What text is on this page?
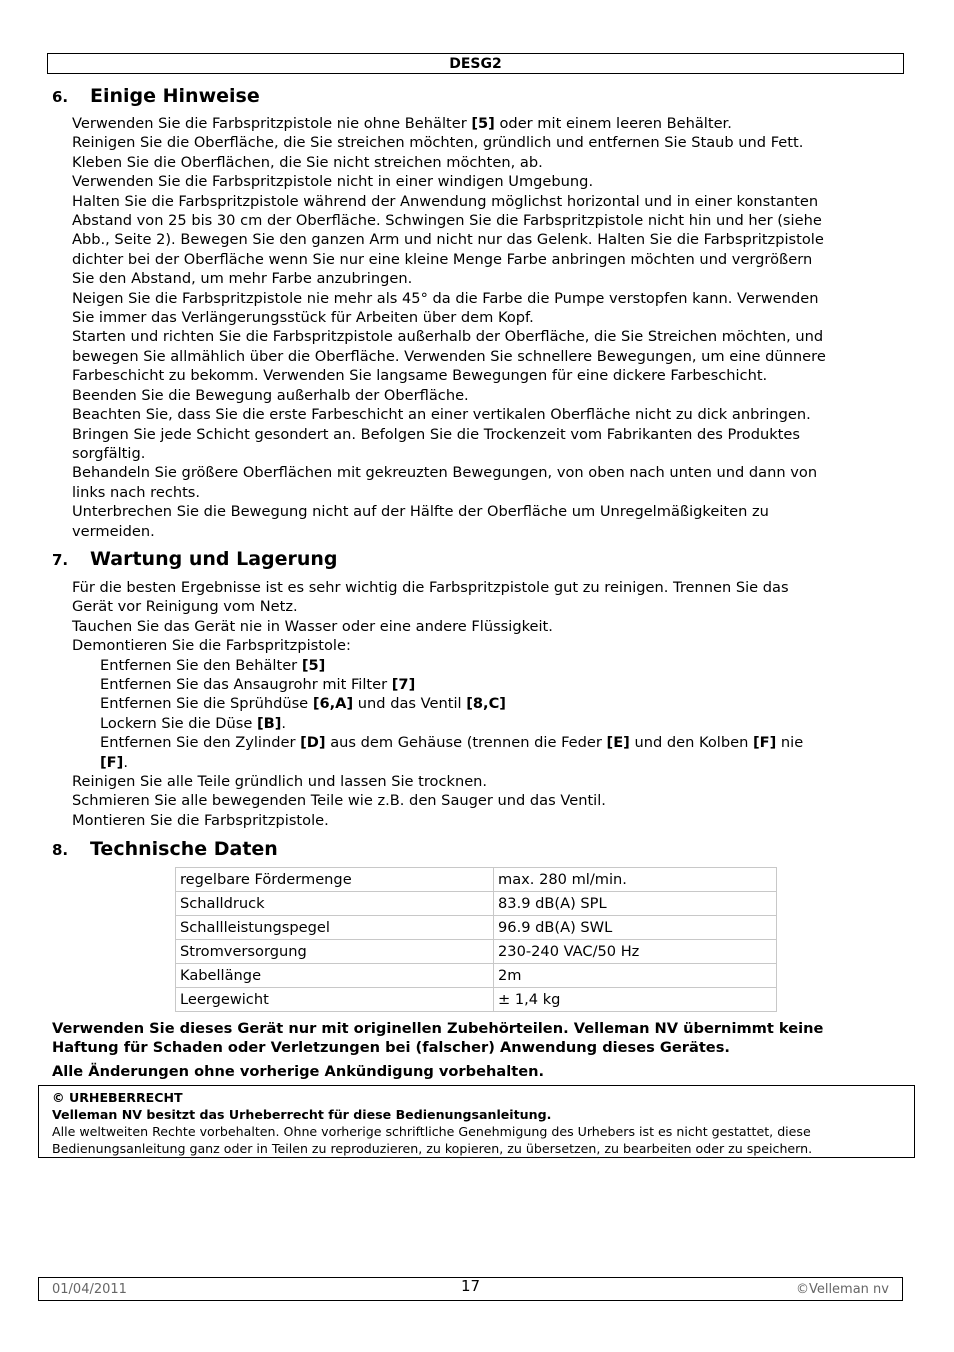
DESG2
6. Einige Hinweise
Verwenden Sie die Farbspritzpistole nie ohne Behälter [5] oder mit einem leeren Behälter.
Reinigen Sie die Oberfläche, die Sie streichen möchten, gründlich und entfernen Sie Staub und Fett.
Kleben Sie die Oberflächen, die Sie nicht streichen möchten, ab.
Verwenden Sie die Farbspritzpistole nicht in einer windigen Umgebung.
Halten Sie die Farbspritzpistole während der Anwendung möglichst horizontal und in einer konstanten
Abstand von 25 bis 30 cm der Oberfläche. Schwingen Sie die Farbspritzpistole nicht hin und her (siehe
Abb., Seite 2). Bewegen Sie den ganzen Arm und nicht nur das Gelenk. Halten Sie die Farbspritzpistole
dichter bei der Oberfläche wenn Sie nur eine kleine Menge Farbe anbringen möchten und vergrößern
Sie den Abstand, um mehr Farbe anzubringen.
Neigen Sie die Farbspritzpistole nie mehr als 45° da die Farbe die Pumpe verstopfen kann. Verwenden
Sie immer das Verlängerungsstück für Arbeiten über dem Kopf.
Starten und richten Sie die Farbspritzpistole außerhalb der Oberfläche, die Sie Streichen möchten, und
bewegen Sie allmählich über die Oberfläche. Verwenden Sie schnellere Bewegungen, um eine dünnere
Farbeschicht zu bekomm. Verwenden Sie langsame Bewegungen für eine dickere Farbeschicht.
Beenden Sie die Bewegung außerhalb der Oberfläche.
Beachten Sie, dass Sie die erste Farbeschicht an einer vertikalen Oberfläche nicht zu dick anbringen.
Bringen Sie jede Schicht gesondert an. Befolgen Sie die Trockenzeit vom Fabrikanten des Produktes
sorgfältig.
Behandeln Sie größere Oberflächen mit gekreuzten Bewegungen, von oben nach unten und dann von
links nach rechts.
Unterbrechen Sie die Bewegung nicht auf der Hälfte der Oberfläche um Unregelmäßigkeiten zu
vermeiden.
7. Wartung und Lagerung
Für die besten Ergebnisse ist es sehr wichtig die Farbspritzpistole gut zu reinigen. Trennen Sie das
Gerät vor Reinigung vom Netz.
Tauchen Sie das Gerät nie in Wasser oder eine andere Flüssigkeit.
Demontieren Sie die Farbspritzpistole:
Entfernen Sie den Behälter [5]
Entfernen Sie das Ansaugrohr mit Filter [7]
Entfernen Sie die Sprühdüse [6,A] und das Ventil [8,C]
Lockern Sie die Düse [B].
Entfernen Sie den Zylinder [D] aus dem Gehäuse (trennen die Feder [E] und den Kolben [F] nie
[F].
Reinigen Sie alle Teile gründlich und lassen Sie trocknen.
Schmieren Sie alle bewegenden Teile wie z.B. den Sauger und das Ventil.
Montieren Sie die Farbspritzpistole.
8. Technische Daten
regelbare Fördermenge	max. 280 ml/min.
Schalldruck	83.9 dB(A) SPL
Schallleistungspegel	96.9 dB(A) SWL
Stromversorgung	230-240 VAC/50 Hz
Kabellänge	2m
Leergewicht	± 1,4 kg
Verwenden Sie dieses Gerät nur mit originellen Zubehörteilen. Velleman NV übernimmt keine
Haftung für Schaden oder Verletzungen bei (falscher) Anwendung dieses Gerätes.
Alle Änderungen ohne vorherige Ankündigung vorbehalten.
© URHEBERRECHT
Velleman NV besitzt das Urheberrecht für diese Bedienungsanleitung.
Alle weltweiten Rechte vorbehalten. Ohne vorherige schriftliche Genehmigung des Urhebers ist es nicht gestattet, diese
Bedienungsanleitung ganz oder in Teilen zu reproduzieren, zu kopieren, zu übersetzen, zu bearbeiten oder zu speichern.
01/04/2011	17	©Velleman nv
